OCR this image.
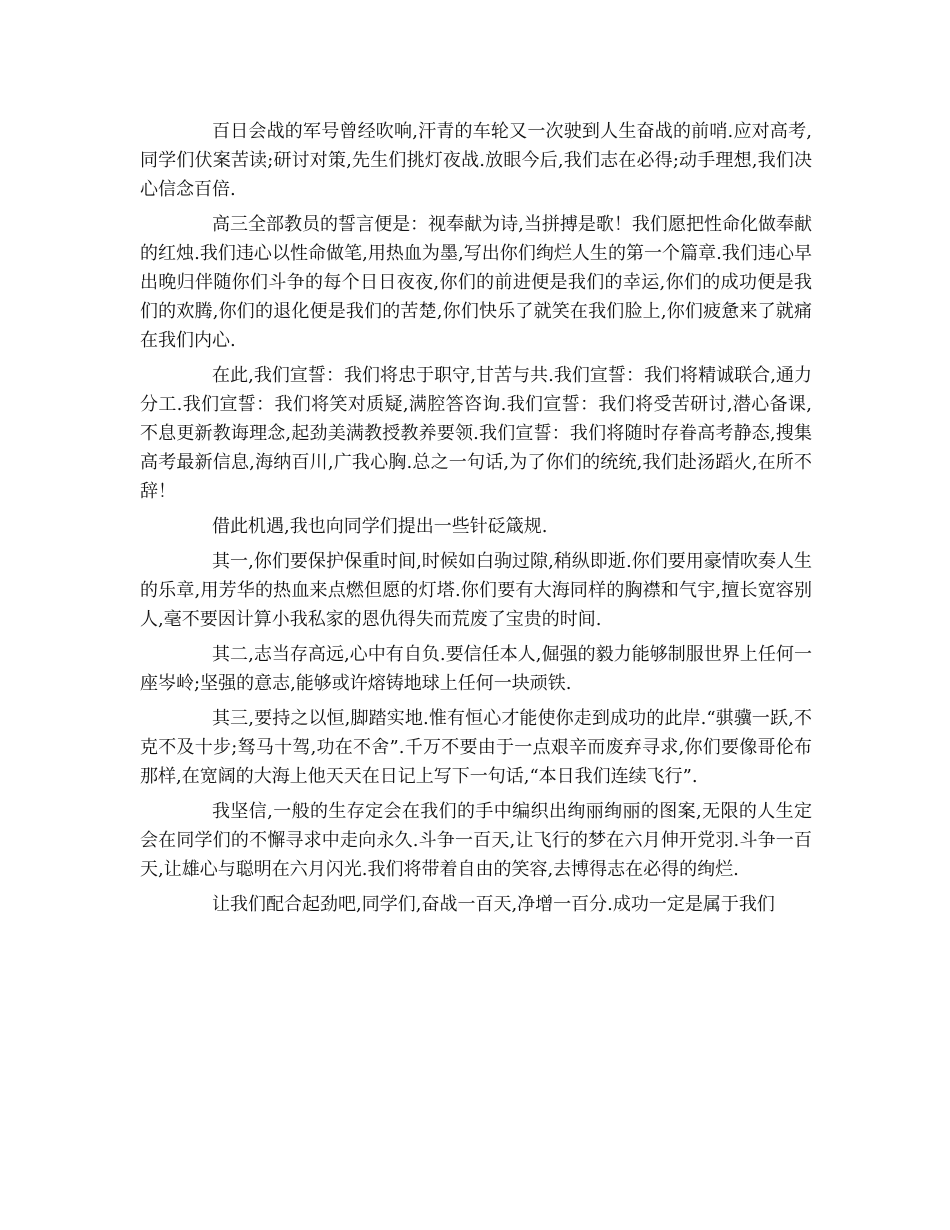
百日会战的军号曾经吹响,汗青的车轮又一次驶到人生奋战的前哨.应对高考,同学们伏案苦读;研讨对策,先生们挑灯夜战.放眼今后,我们志在必得;动手理想,我们决心信念百倍.

高三全部教员的誓言便是：视奉献为诗,当拼搏是歌！我们愿把性命化做奉献的红烛.我们违心以性命做笔,用热血为墨,写出你们绚烂人生的第一个篇章.我们违心早出晚归伴随你们斗争的每个日日夜夜,你们的前进便是我们的幸运,你们的成功便是我们的欢腾,你们的退化便是我们的苦楚,你们快乐了就笑在我们脸上,你们疲惫来了就痛在我们内心.

在此,我们宣誓：我们将忠于职守,甘苦与共.我们宣誓：我们将精诚联合,通力分工.我们宣誓：我们将笑对质疑,满腔答咨询.我们宣誓：我们将受苦研讨,潜心备课,不息更新教诲理念,起劲美满教授教养要领.我们宣誓：我们将随时存眷高考静态,搜集高考最新信息,海纳百川,广我心胸.总之一句话,为了你们的统统,我们赴汤蹈火,在所不辞！

借此机遇,我也向同学们提出一些针砭箴规.

其一,你们要保护保重时间,时候如白驹过隙,稍纵即逝.你们要用豪情吹奏人生的乐章,用芳华的热血来点燃但愿的灯塔.你们要有大海同样的胸襟和气宇,擅长宽容别人,毫不要因计算小我私家的恩仇得失而荒废了宝贵的时间.

其二,志当存高远,心中有自负.要信任本人,倔强的毅力能够制服世界上任何一座岑岭;坚强的意志,能够或许熔铸地球上任何一块顽铁.

其三,要持之以恒,脚踏实地.惟有恒心才能使你走到成功的此岸.“骐骥一跃,不克不及十步;驽马十驾,功在不舍”.千万不要由于一点艰辛而废弃寻求,你们要像哥伦布那样,在宽阔的大海上他天天在日记上写下一句话,“本日我们连续飞行”.

我坚信,一般的生存定会在我们的手中编织出绚丽绚丽的图案,无限的人生定会在同学们的不懈寻求中走向永久.斗争一百天,让飞行的梦在六月伸开党羽.斗争一百天,让雄心与聪明在六月闪光.我们将带着自由的笑容,去博得志在必得的绚烂.

让我们配合起劲吧,同学们,奋战一百天,净增一百分.成功一定是属于我们
